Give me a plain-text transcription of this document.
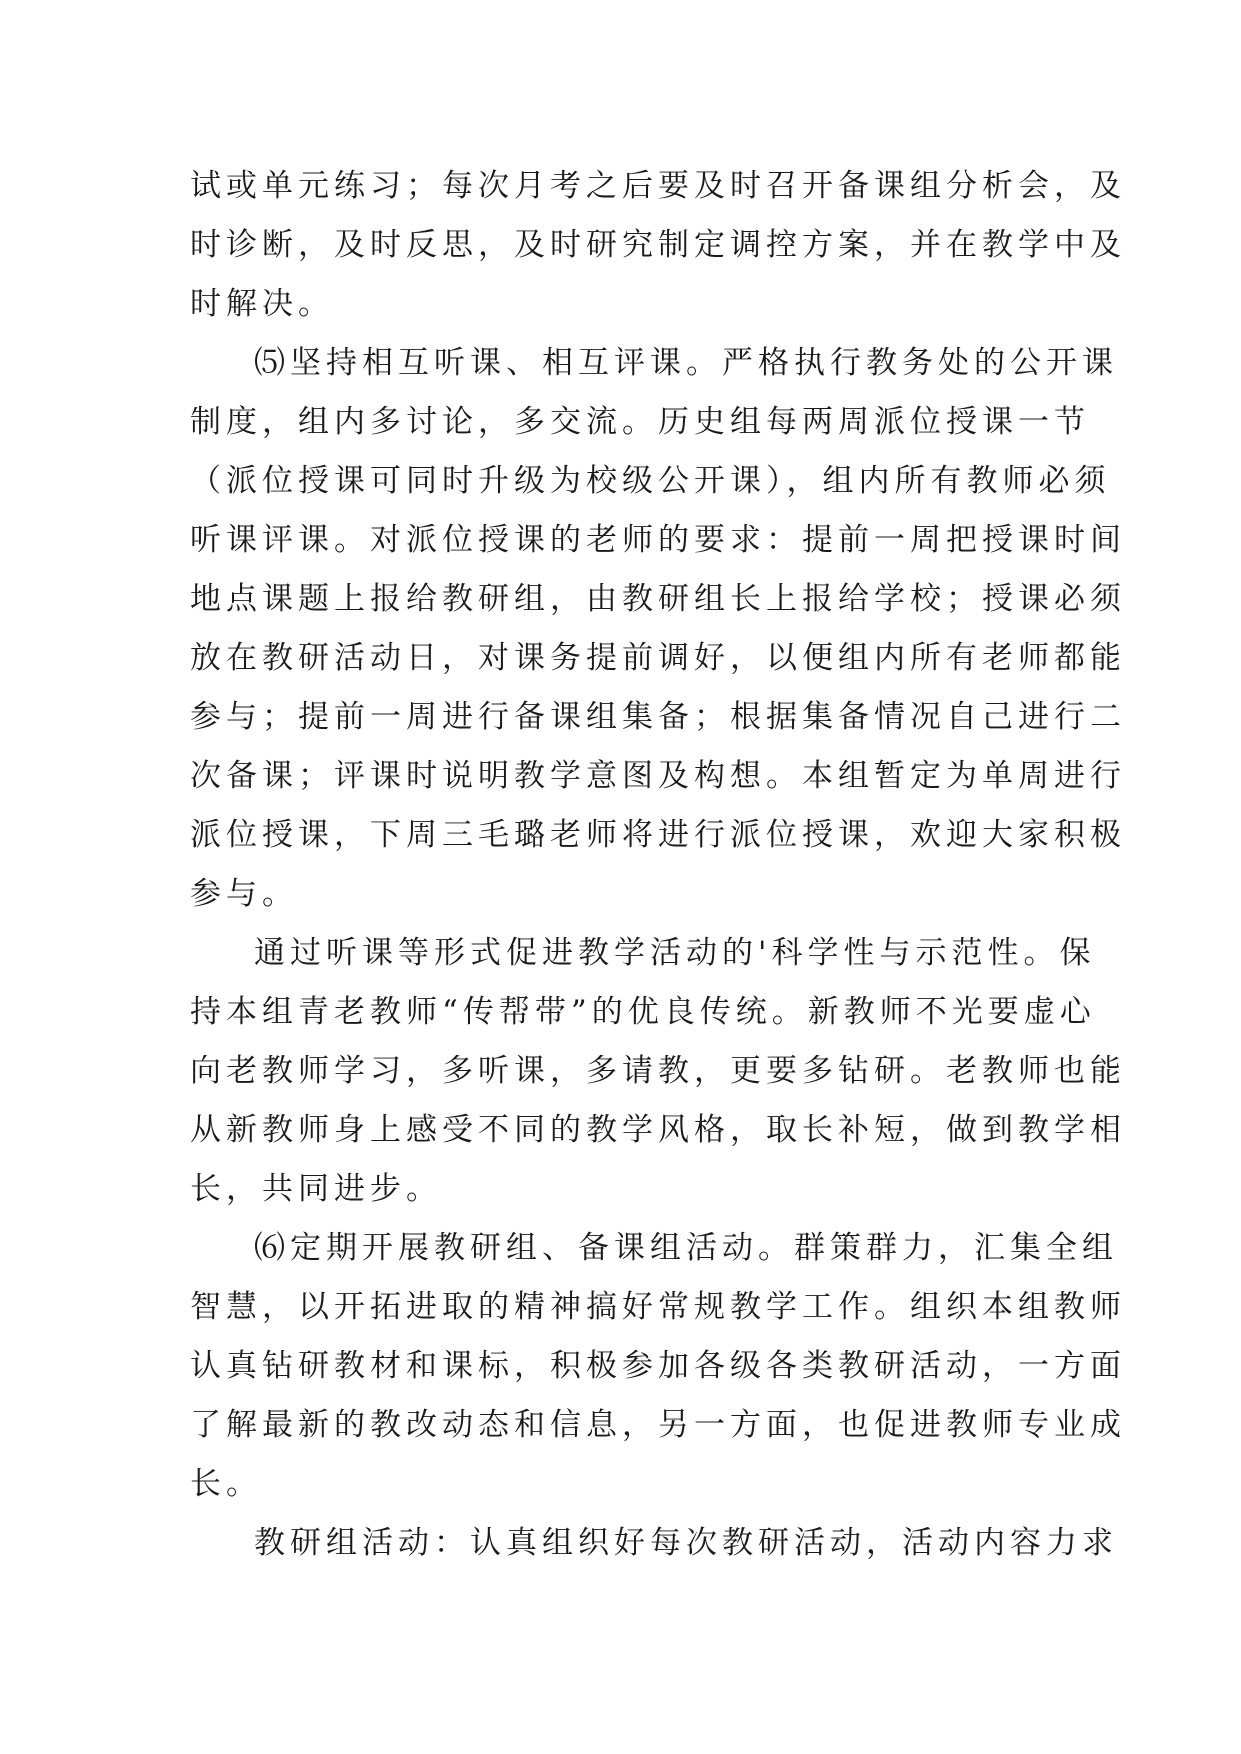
试或单元练习；每次月考之后要及时召开备课组分析会，及
时诊断，及时反思，及时研究制定调控方案，并在教学中及
时解决。
⑸坚持相互听课、相互评课。严格执行教务处的公开课
制度，组内多讨论，多交流。历史组每两周派位授课一节
（派位授课可同时升级为校级公开课），组内所有教师必须
听课评课。对派位授课的老师的要求：提前一周把授课时间
地点课题上报给教研组，由教研组长上报给学校；授课必须
放在教研活动日，对课务提前调好，以便组内所有老师都能
参与；提前一周进行备课组集备；根据集备情况自己进行二
次备课；评课时说明教学意图及构想。本组暂定为单周进行
派位授课，下周三毛璐老师将进行派位授课，欢迎大家积极
参与。
通过听课等形式促进教学活动的'科学性与示范性。保
持本组青老教师“传帮带”的优良传统。新教师不光要虚心
向老教师学习，多听课，多请教，更要多钻研。老教师也能
从新教师身上感受不同的教学风格，取长补短，做到教学相
长，共同进步。
⑹定期开展教研组、备课组活动。群策群力，汇集全组
智慧，以开拓进取的精神搞好常规教学工作。组织本组教师
认真钻研教材和课标，积极参加各级各类教研活动，一方面
了解最新的教改动态和信息，另一方面，也促进教师专业成
长。
教研组活动：认真组织好每次教研活动，活动内容力求
